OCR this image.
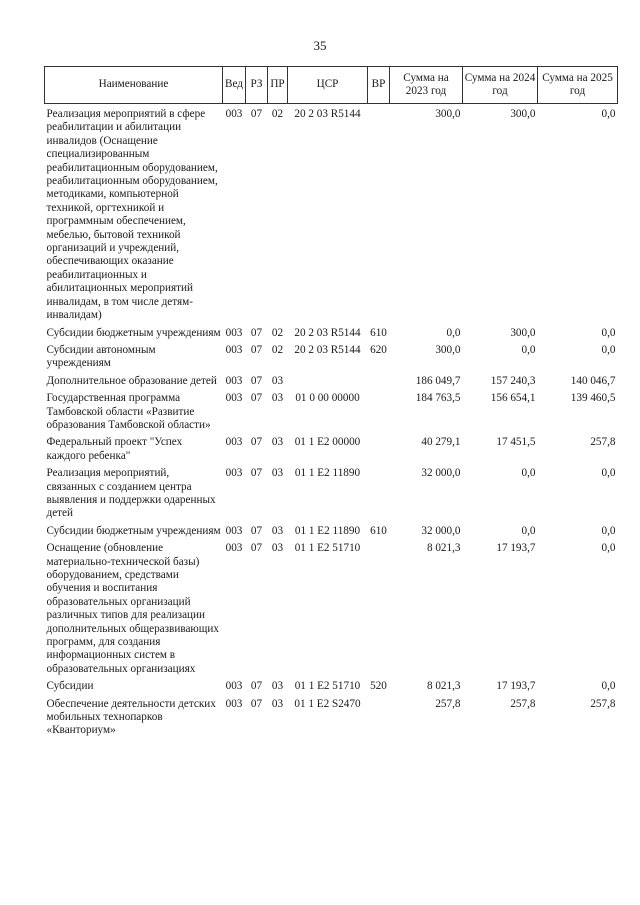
35
Наименование	Вед	РЗ	ПР	ЦСР	ВР	Сумма на 2023 год	Сумма на 2024 год	Сумма на 2025 год
Реализация мероприятий в сфере реабилитации и абилитации инвалидов (Оснащение специализированным реабилитационным оборудованием, реабилитационным оборудованием, методиками, компьютерной техникой, оргтехникой и программным обеспечением, мебелью, бытовой техникой организаций и учреждений, обеспечивающих оказание реабилитационных и абилитационных мероприятий инвалидам, в том числе детям-инвалидам)	003	07	02	20 2 03 R5144		300,0	300,0	0,0
Субсидии бюджетным учреждениям	003	07	02	20 2 03 R5144	610	0,0	300,0	0,0
Субсидии автономным учреждениям	003	07	02	20 2 03 R5144	620	300,0	0,0	0,0
Дополнительное образование детей	003	07	03			186 049,7	157 240,3	140 046,7
Государственная программа Тамбовской области «Развитие образования Тамбовской области»	003	07	03	01 0 00 00000		184 763,5	156 654,1	139 460,5
Федеральный проект "Успех каждого ребенка"	003	07	03	01 1 E2 00000		40 279,1	17 451,5	257,8
Реализация мероприятий, связанных с созданием центра выявления и поддержки одаренных детей	003	07	03	01 1 E2 11890		32 000,0	0,0	0,0
Субсидии бюджетным учреждениям	003	07	03	01 1 E2 11890	610	32 000,0	0,0	0,0
Оснащение (обновление материально-технической базы) оборудованием, средствами обучения и воспитания образовательных организаций различных типов для реализации дополнительных общеразвивающих программ, для создания информационных систем в образовательных организациях	003	07	03	01 1 E2 51710		8 021,3	17 193,7	0,0
Субсидии	003	07	03	01 1 E2 51710	520	8 021,3	17 193,7	0,0
Обеспечение деятельности детских мобильных технопарков «Кванториум»	003	07	03	01 1 E2 S2470		257,8	257,8	257,8
